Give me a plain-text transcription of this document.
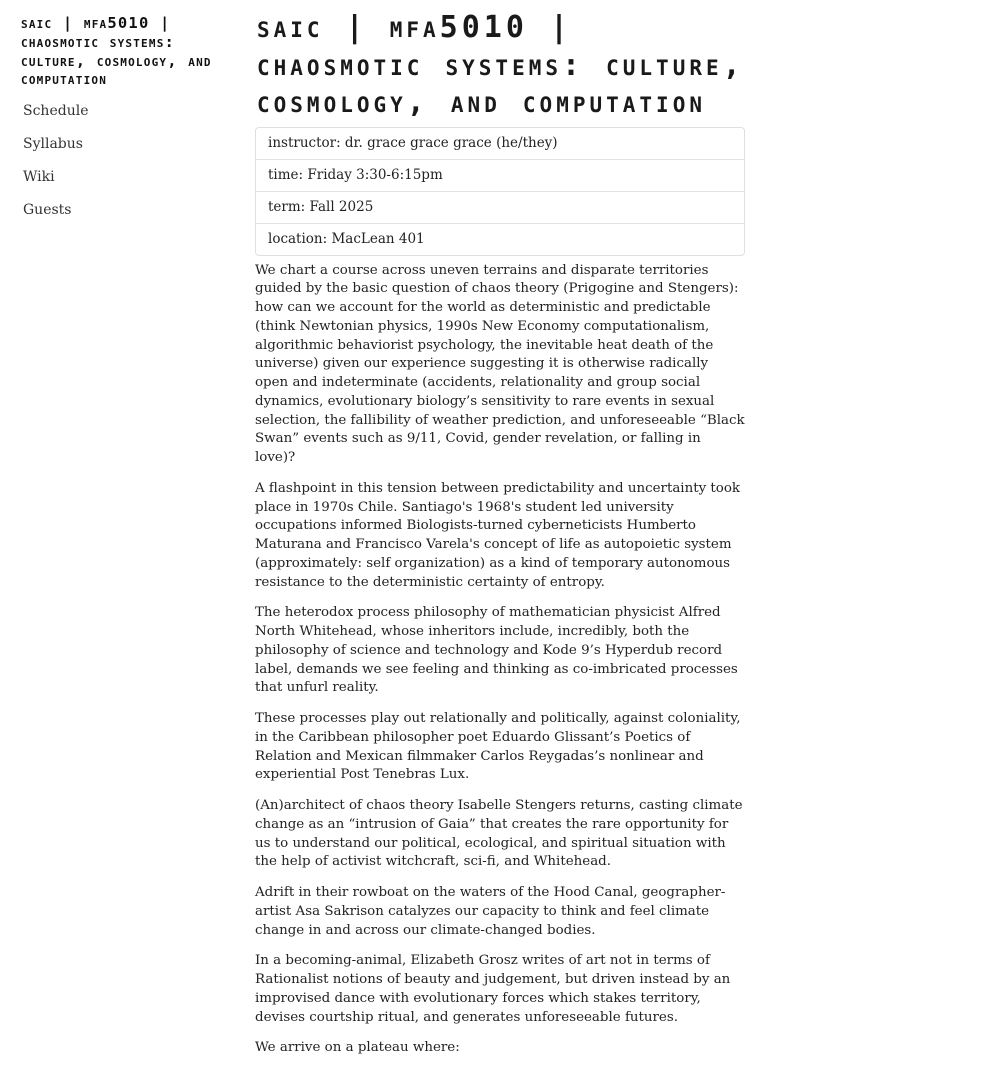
saic | mfa5010 | chaosmotic systems: culture, cosmology, and computation
Schedule
Syllabus
Wiki
Guests
saic | mfa5010 | chaosmotic systems: culture, cosmology, and computation
instructor: dr. grace grace grace (he/they)
time: Friday 3:30-6:15pm
term: Fall 2025
location: MacLean 401

We chart a course across uneven terrains and disparate territories guided by the basic question of chaos theory (Prigogine and Stengers): how can we account for the world as deterministic and predictable (think Newtonian physics, 1990s New Economy computationalism, algorithmic behaviorist psychology, the inevitable heat death of the universe) given our experience suggesting it is otherwise radically open and indeterminate (accidents, relationality and group social dynamics, evolutionary biology’s sensitivity to rare events in sexual selection, the fallibility of weather prediction, and unforeseeable “Black Swan” events such as 9/11, Covid, gender revelation, or falling in love)?

A flashpoint in this tension between predictability and uncertainty took place in 1970s Chile. Santiago's 1968's student led university occupations informed Biologists-turned cyberneticists Humberto Maturana and Francisco Varela's concept of life as autopoietic system (approximately: self organization) as a kind of temporary autonomous resistance to the deterministic certainty of entropy.

The heterodox process philosophy of mathematician physicist Alfred North Whitehead, whose inheritors include, incredibly, both the philosophy of science and technology and Kode 9’s Hyperdub record label, demands we see feeling and thinking as co-imbricated processes that unfurl reality.

These processes play out relationally and politically, against coloniality, in the Caribbean philosopher poet Eduardo Glissant’s Poetics of Relation and Mexican filmmaker Carlos Reygadas’s nonlinear and experiential Post Tenebras Lux.

(An)architect of chaos theory Isabelle Stengers returns, casting climate change as an “intrusion of Gaia” that creates the rare opportunity for us to understand our political, ecological, and spiritual situation with the help of activist witchcraft, sci-fi, and Whitehead.

Adrift in their rowboat on the waters of the Hood Canal, geographer-artist Asa Sakrison catalyzes our capacity to think and feel climate change in and across our climate-changed bodies.

In a becoming-animal, Elizabeth Grosz writes of art not in terms of Rationalist notions of beauty and judgement, but driven instead by an improvised dance with evolutionary forces which stakes territory, devises courtship ritual, and generates unforeseeable futures.

We arrive on a plateau where:
